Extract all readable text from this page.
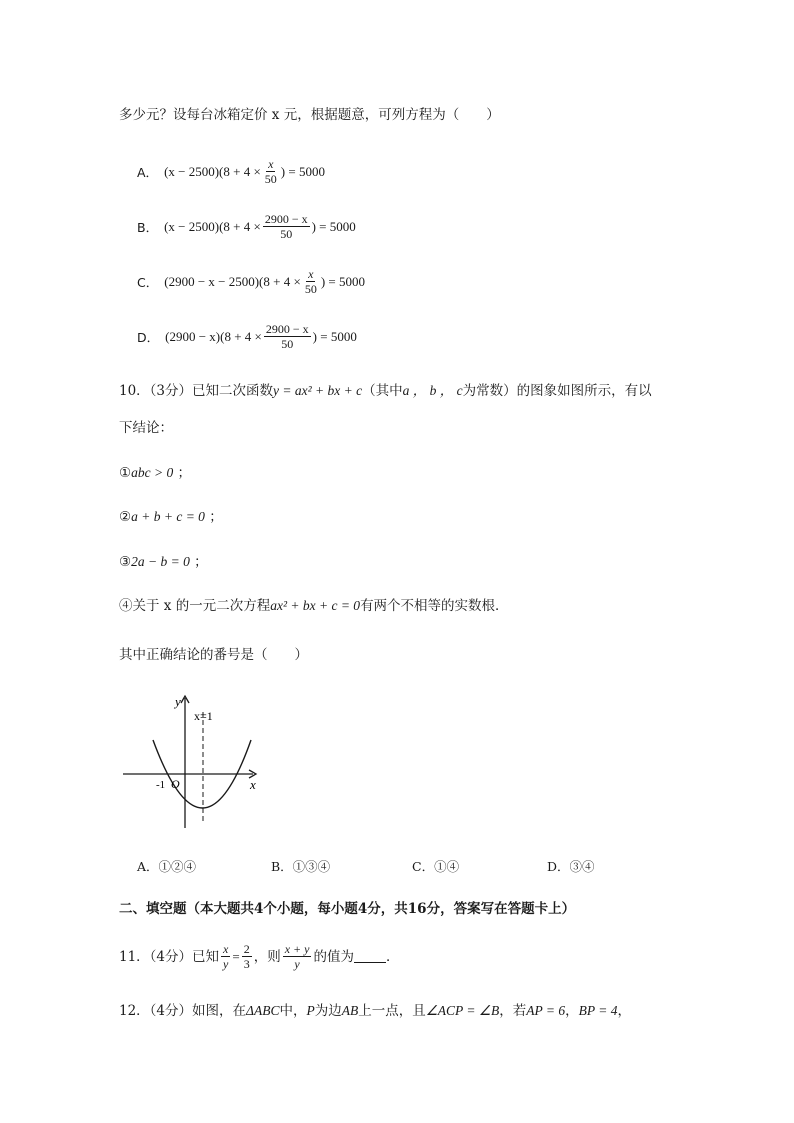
多少元？设每台冰箱定价 x 元，根据题意，可列方程为（　　）
A． $(x - 2500)(8 + 4 \times \frac{x}{50}$ ) = 5000
B． $(x - 2500)(8 + 4 \times \frac{2900 - x}{50}$ ) = 5000
C． $(2900 - x - 2500)(8 + 4 \times \frac{x}{50}$ ) = 5000
D． $(2900 - x)(8 + 4 \times \frac{2900 - x}{50}$ ) = 5000
10．（3分）已知二次函数y = ax² + bx + c（其中a ， b ， c为常数）的图象如图所示，有以
下结论：
①abc > 0 ；
②a + b + c = 0 ；
③2a − b = 0 ；
④关于 x 的一元二次方程ax² + bx + c = 0有两个不相等的实数根．
其中正确结论的番号是（　　）
y
x
x=1
O
-1
A．①②④	B．①③④	C．①④	D．③④
二、填空题（本大题共4个小题，每小题4分，共16分，答案写在答题卡上）
11．（4分）已知 $\frac{x}{y} = \frac{2}{3}$ ，则 $\frac{x + y}{y}$ 的值为 ．
12．（4分）如图，在ΔABC中，P为边AB上一点，且∠ACP = ∠B，若AP = 6，BP = 4，
